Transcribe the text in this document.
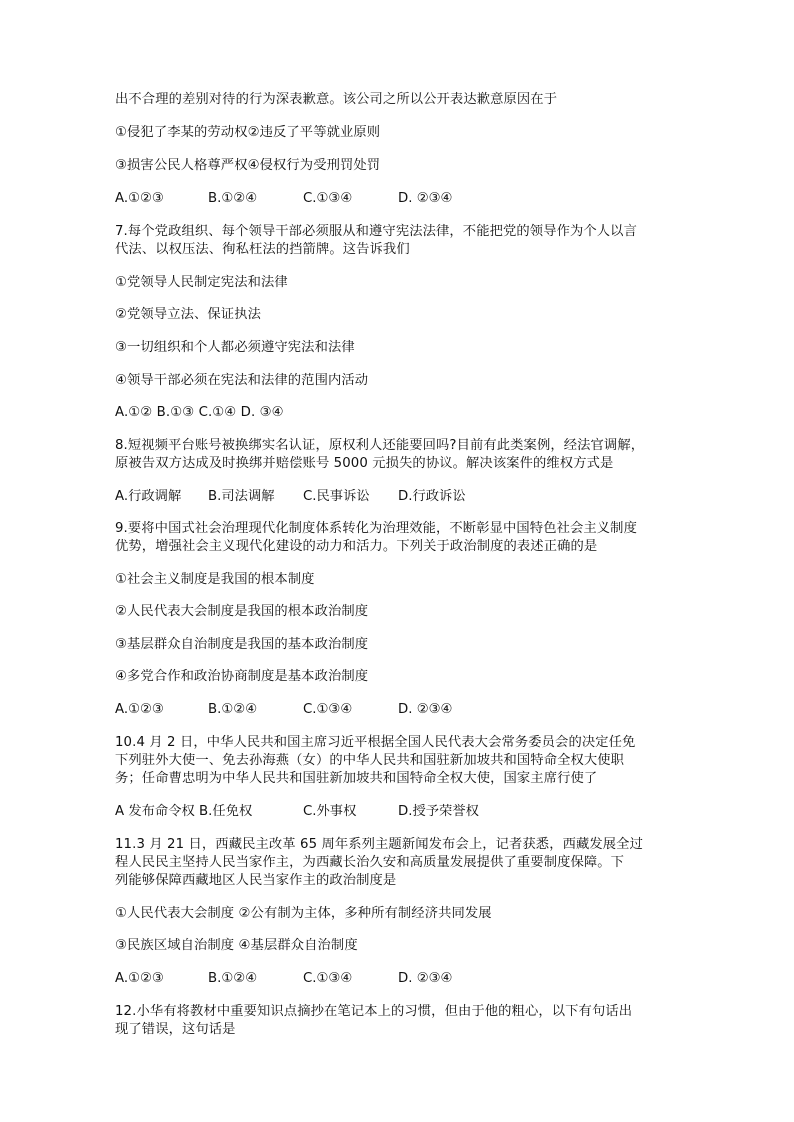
出不合理的差别对待的行为深表歉意。该公司之所以公开表达歉意原因在于
①侵犯了李某的劳动权②违反了平等就业原则
③损害公民人格尊严权④侵权行为受刑罚处罚
A.①②③	B.①②④	C.①③④	D. ②③④
7.每个党政组织、每个领导干部必须服从和遵守宪法法律，不能把党的领导作为个人以言
代法、以权压法、徇私枉法的挡箭牌。这告诉我们
①党领导人民制定宪法和法律
②党领导立法、保证执法
③一切组织和个人都必须遵守宪法和法律
④领导干部必须在宪法和法律的范围内活动
A.①② B.①③ C.①④ D. ③④
8.短视频平台账号被换绑实名认证，原权利人还能要回吗?目前有此类案例，经法官调解，
原被告双方达成及时换绑并赔偿账号 5000 元损失的协议。解决该案件的维权方式是
A.行政调解 B.司法调解 C.民事诉讼 D.行政诉讼
9.要将中国式社会治理现代化制度体系转化为治理效能，不断彰显中国特色社会主义制度
优势，增强社会主义现代化建设的动力和活力。下列关于政治制度的表述正确的是
①社会主义制度是我国的根本制度
②人民代表大会制度是我国的根本政治制度
③基层群众自治制度是我国的基本政治制度
④多党合作和政治协商制度是基本政治制度
A.①②③	B.①②④	C.①③④	D. ②③④
10.4 月 2 日，中华人民共和国主席习近平根据全国人民代表大会常务委员会的决定任免
下列驻外大使一、免去孙海燕（女）的中华人民共和国驻新加坡共和国特命全权大使职
务；任命曹忠明为中华人民共和国驻新加坡共和国特命全权大使，国家主席行使了
A 发布命令权 B.任免权	C.外事权	D.授予荣誉权
11.3 月 21 日，西藏民主改革 65 周年系列主题新闻发布会上，记者获悉，西藏发展全过
程人民民主坚持人民当家作主，为西藏长治久安和高质量发展提供了重要制度保障。下
列能够保障西藏地区人民当家作主的政治制度是
①人民代表大会制度 ②公有制为主体，多种所有制经济共同发展
③民族区域自治制度 ④基层群众自治制度
A.①②③	B.①②④	C.①③④	D. ②③④
12.小华有将教材中重要知识点摘抄在笔记本上的习惯，但由于他的粗心，以下有句话出
现了错误，这句话是
